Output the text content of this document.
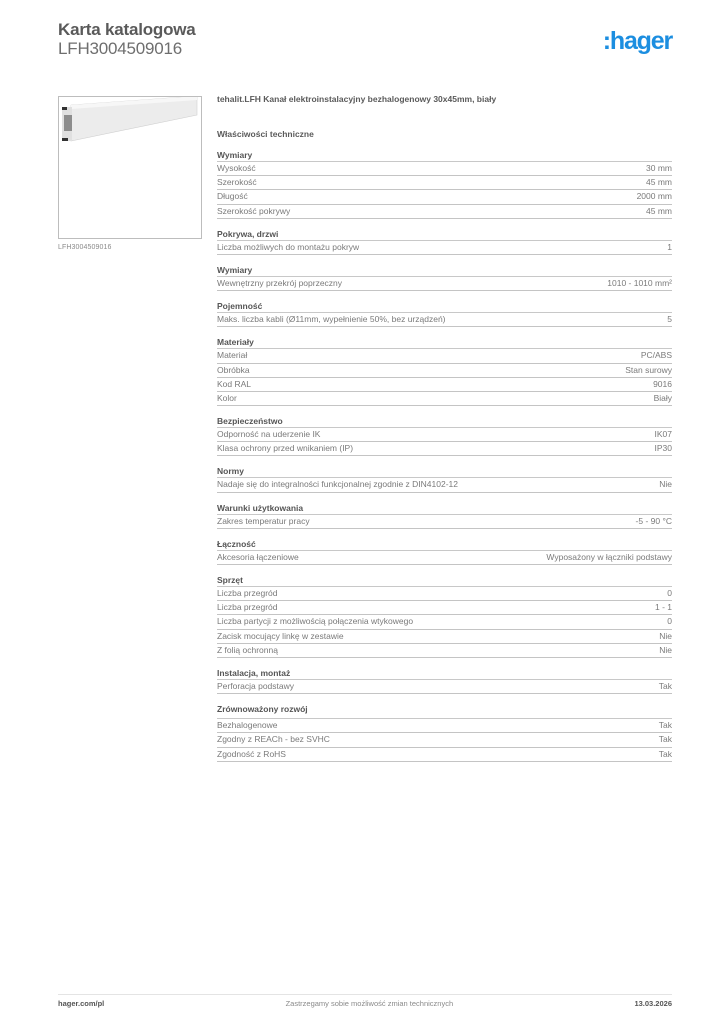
Karta katalogowa
LFH3004509016	:hager
LFH3004509016
tehalit.LFH Kanał elektroinstalacyjny bezhalogenowy 30x45mm, biały
Właściwości techniczne
Wymiary
Wysokość	30 mm
Szerokość	45 mm
Długość	2000 mm
Szerokość pokrywy	45 mm
Pokrywa, drzwi
Liczba możliwych do montażu pokryw	1
Wymiary
Wewnętrzny przekrój poprzeczny	1010 - 1010 mm²
Pojemność
Maks. liczba kabli (Ø11mm, wypełnienie 50%, bez urządzeń)	5
Materiały
Materiał	PC/ABS
Obróbka	Stan surowy
Kod RAL	9016
Kolor	Biały
Bezpieczeństwo
Odporność na uderzenie IK	IK07
Klasa ochrony przed wnikaniem (IP)	IP30
Normy
Nadaje się do integralności funkcjonalnej zgodnie z DIN4102-12	Nie
Warunki użytkowania
Zakres temperatur pracy	-5 - 90 °C
Łączność
Akcesoria łączeniowe	Wyposażony w łączniki podstawy
Sprzęt
Liczba przegród	0
Liczba przegród	1 - 1
Liczba partycji z możliwością połączenia wtykowego	0
Zacisk mocujący linkę w zestawie	Nie
Z folią ochronną	Nie
Instalacja, montaż
Perforacja podstawy	Tak
Zrównoważony rozwój
Bezhalogenowe	Tak
Zgodny z REACh - bez SVHC	Tak
Zgodność z RoHS	Tak
hager.com/pl	Zastrzegamy sobie możliwość zmian technicznych	13.03.2026
